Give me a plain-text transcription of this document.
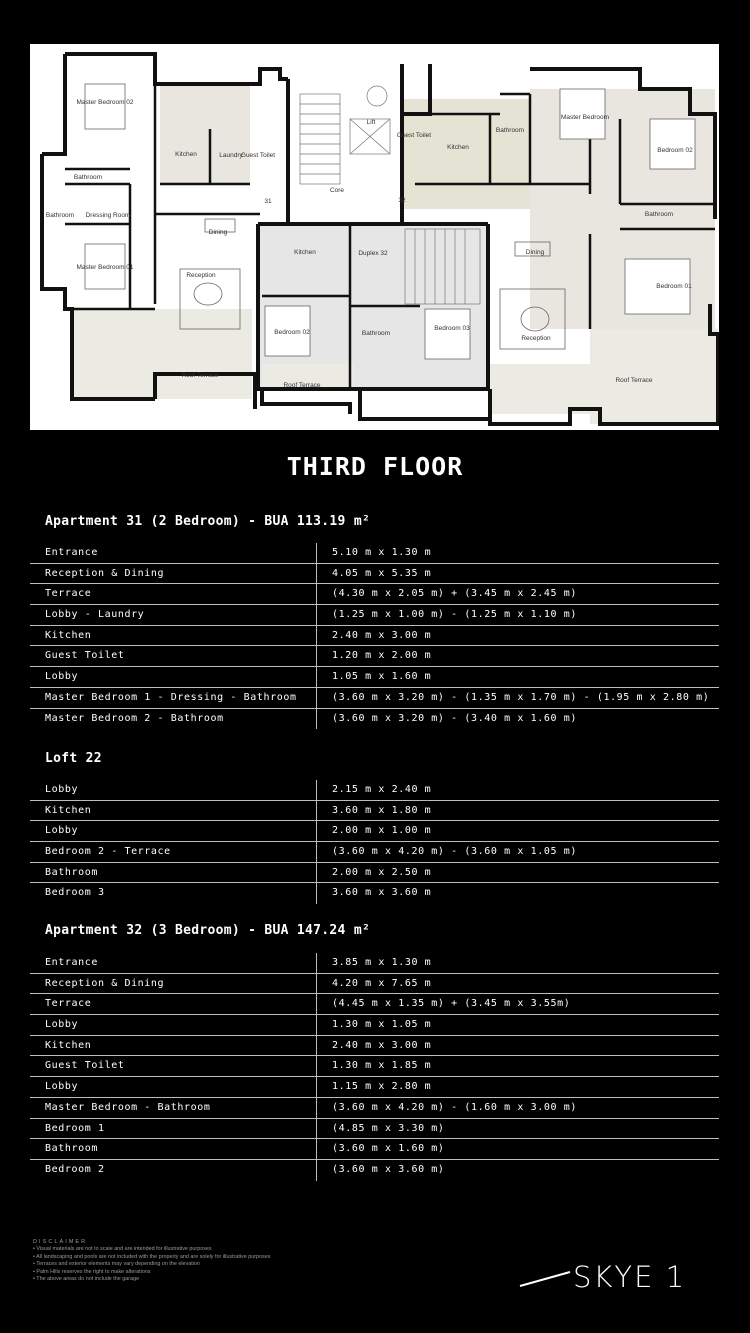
Master Bedroom 02
Bathroom
Bathroom Dressing Room
Master Bedroom 01
Kitchen	Laundry
Guest Toilet
Lift
Core
31	32
Dining
Reception
Kitchen	Duplex 32
Bedroom 02	Bathroom
Bedroom 03
Roof Terrace
Roof Terrace
Guest Toilet
Kitchen
Bathroom
Master Bedroom
Bedroom 02
Bathroom
Dining
Reception
Bedroom 01
Roof Terrace
THIRD FLOOR
Apartment 31 (2 Bedroom) - BUA 113.19 m²
Entrance	5.10 m x 1.30 m
Reception & Dining	4.05 m x 5.35 m
Terrace	(4.30 m x 2.05 m) + (3.45 m x 2.45 m)
Lobby - Laundry	(1.25 m x 1.00 m) - (1.25 m x 1.10 m)
Kitchen	2.40 m x 3.00 m
Guest Toilet	1.20 m x 2.00 m
Lobby	1.05 m x 1.60 m
Master Bedroom 1 - Dressing - Bathroom	(3.60 m x 3.20 m) - (1.35 m x 1.70 m) - (1.95 m x 2.80 m)
Master Bedroom 2 - Bathroom	(3.60 m x 3.20 m) - (3.40 m x 1.60 m)
Loft 22
Lobby	2.15 m x 2.40 m
Kitchen	3.60 m x 1.80 m
Lobby	2.00 m x 1.00 m
Bedroom 2 - Terrace	(3.60 m x 4.20 m) - (3.60 m x 1.05 m)
Bathroom	2.00 m x 2.50 m
Bedroom 3	3.60 m x 3.60 m
Apartment 32 (3 Bedroom) - BUA 147.24 m²
Entrance	3.85 m x 1.30 m
Reception & Dining	4.20 m x 7.65 m
Terrace	(4.45 m x 1.35 m) + (3.45 m x 3.55m)
Lobby	1.30 m x 1.05 m
Kitchen	2.40 m x 3.00 m
Guest Toilet	1.30 m x 1.85 m
Lobby	1.15 m x 2.80 m
Master Bedroom - Bathroom	(3.60 m x 4.20 m) - (1.60 m x 3.00 m)
Bedroom 1	(4.85 m x 3.30 m)
Bathroom	(3.60 m x 1.60 m)
Bedroom 2	(3.60 m x 3.60 m)
DISCLAIMER
• Visual materials are not to scale and are intended for illustrative purposes
• All landscaping and pools are not included with the property and are solely for illustrative purposes
• Terraces and exterior elements may vary depending on the elevation
• Palm Hills reserves the right to make alterations
• The above areas do not include the garage	SKYE 1
